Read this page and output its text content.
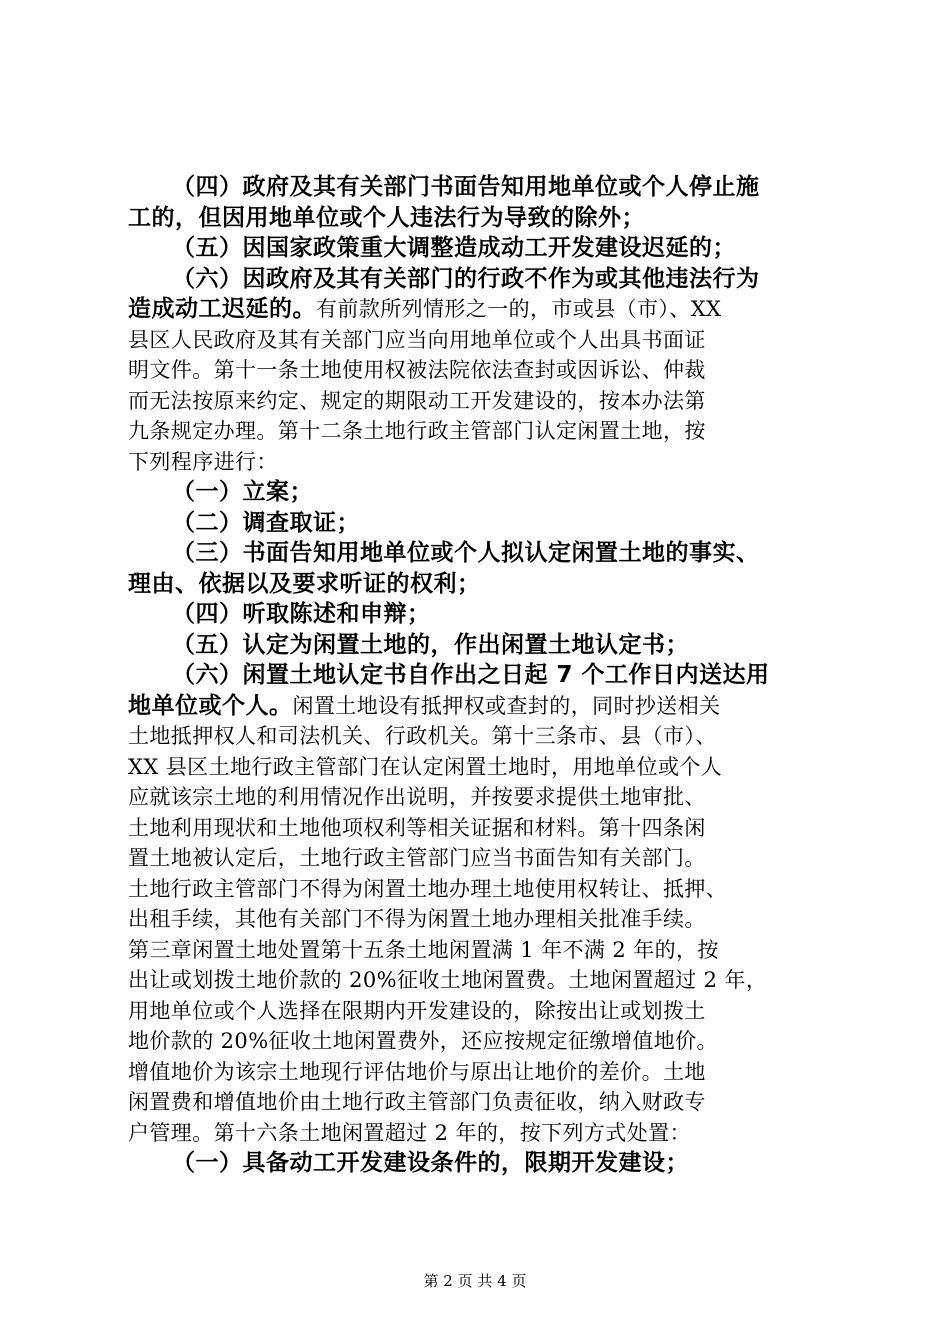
（四）政府及其有关部门书面告知用地单位或个人停止施
工的，但因用地单位或个人违法行为导致的除外；
（五）因国家政策重大调整造成动工开发建设迟延的；
（六）因政府及其有关部门的行政不作为或其他违法行为
造成动工迟延的。有前款所列情形之一的，市或县（市）、XX
县区人民政府及其有关部门应当向用地单位或个人出具书面证
明文件。第十一条土地使用权被法院依法查封或因诉讼、仲裁
而无法按原来约定、规定的期限动工开发建设的，按本办法第
九条规定办理。第十二条土地行政主管部门认定闲置土地，按
下列程序进行：
（一）立案；
（二）调查取证；
（三）书面告知用地单位或个人拟认定闲置土地的事实、
理由、依据以及要求听证的权利；
（四）听取陈述和申辩；
（五）认定为闲置土地的，作出闲置土地认定书；
（六）闲置土地认定书自作出之日起 7 个工作日内送达用
地单位或个人。闲置土地设有抵押权或查封的，同时抄送相关
土地抵押权人和司法机关、行政机关。第十三条市、县（市）、
XX 县区土地行政主管部门在认定闲置土地时，用地单位或个人
应就该宗土地的利用情况作出说明，并按要求提供土地审批、
土地利用现状和土地他项权利等相关证据和材料。第十四条闲
置土地被认定后，土地行政主管部门应当书面告知有关部门。
土地行政主管部门不得为闲置土地办理土地使用权转让、抵押、
出租手续，其他有关部门不得为闲置土地办理相关批准手续。
第三章闲置土地处置第十五条土地闲置满 1 年不满 2 年的，按
出让或划拨土地价款的 20%征收土地闲置费。土地闲置超过 2 年，
用地单位或个人选择在限期内开发建设的，除按出让或划拨土
地价款的 20%征收土地闲置费外，还应按规定征缴增值地价。
增值地价为该宗土地现行评估地价与原出让地价的差价。土地
闲置费和增值地价由土地行政主管部门负责征收，纳入财政专
户管理。第十六条土地闲置超过 2 年的，按下列方式处置：
（一）具备动工开发建设条件的，限期开发建设；
第 2 页 共 4 页
